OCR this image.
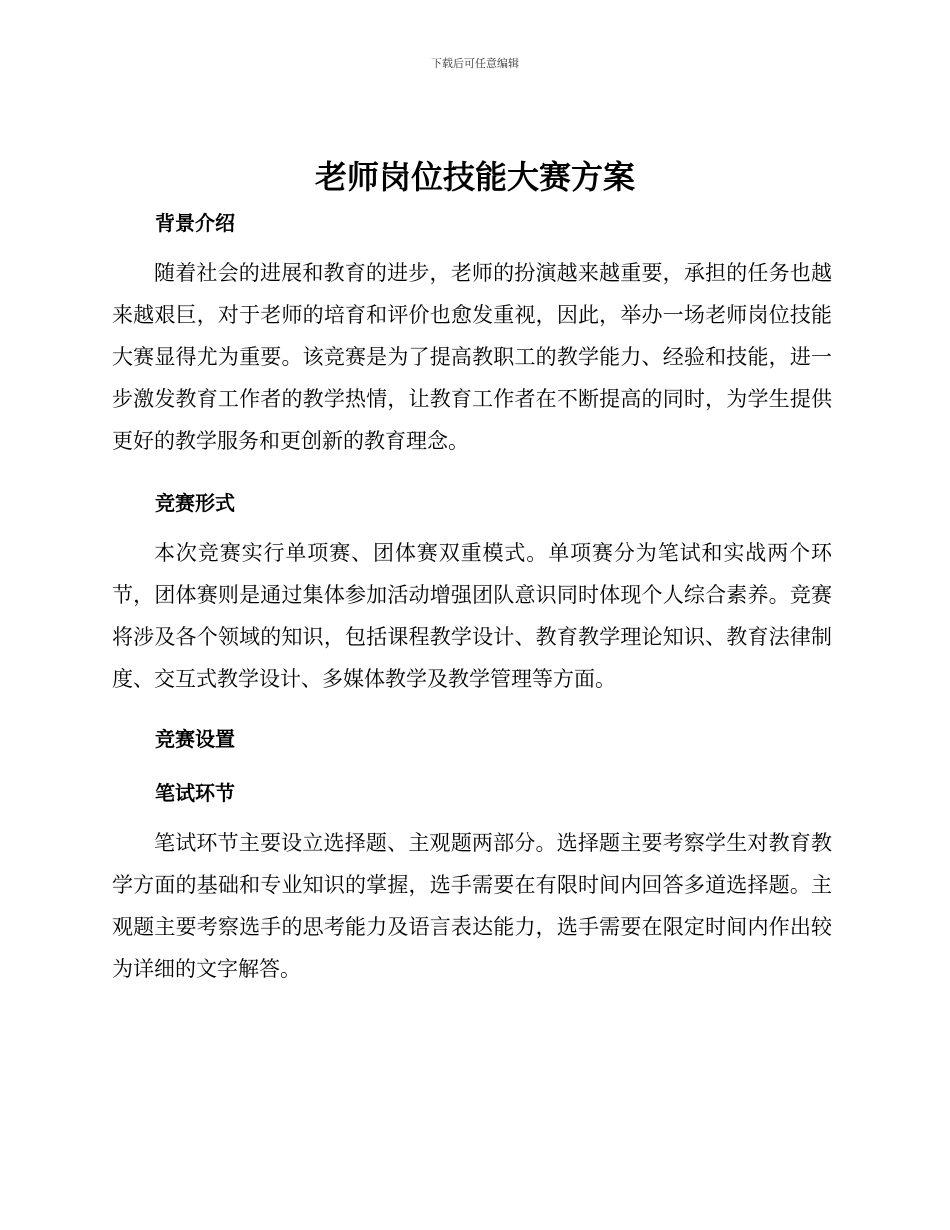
下载后可任意编辑
老师岗位技能大赛方案
背景介绍

随着社会的进展和教育的进步，老师的扮演越来越重要，承担的任务也越来越艰巨，对于老师的培育和评价也愈发重视，因此，举办一场老师岗位技能大赛显得尤为重要。该竞赛是为了提高教职工的教学能力、经验和技能，进一步激发教育工作者的教学热情，让教育工作者在不断提高的同时，为学生提供更好的教学服务和更创新的教育理念。

竞赛形式

本次竞赛实行单项赛、团体赛双重模式。单项赛分为笔试和实战两个环节，团体赛则是通过集体参加活动增强团队意识同时体现个人综合素养。竞赛将涉及各个领域的知识，包括课程教学设计、教育教学理论知识、教育法律制度、交互式教学设计、多媒体教学及教学管理等方面。

竞赛设置
笔试环节

笔试环节主要设立选择题、主观题两部分。选择题主要考察学生对教育教学方面的基础和专业知识的掌握，选手需要在有限时间内回答多道选择题。主观题主要考察选手的思考能力及语言表达能力，选手需要在限定时间内作出较为详细的文字解答。
